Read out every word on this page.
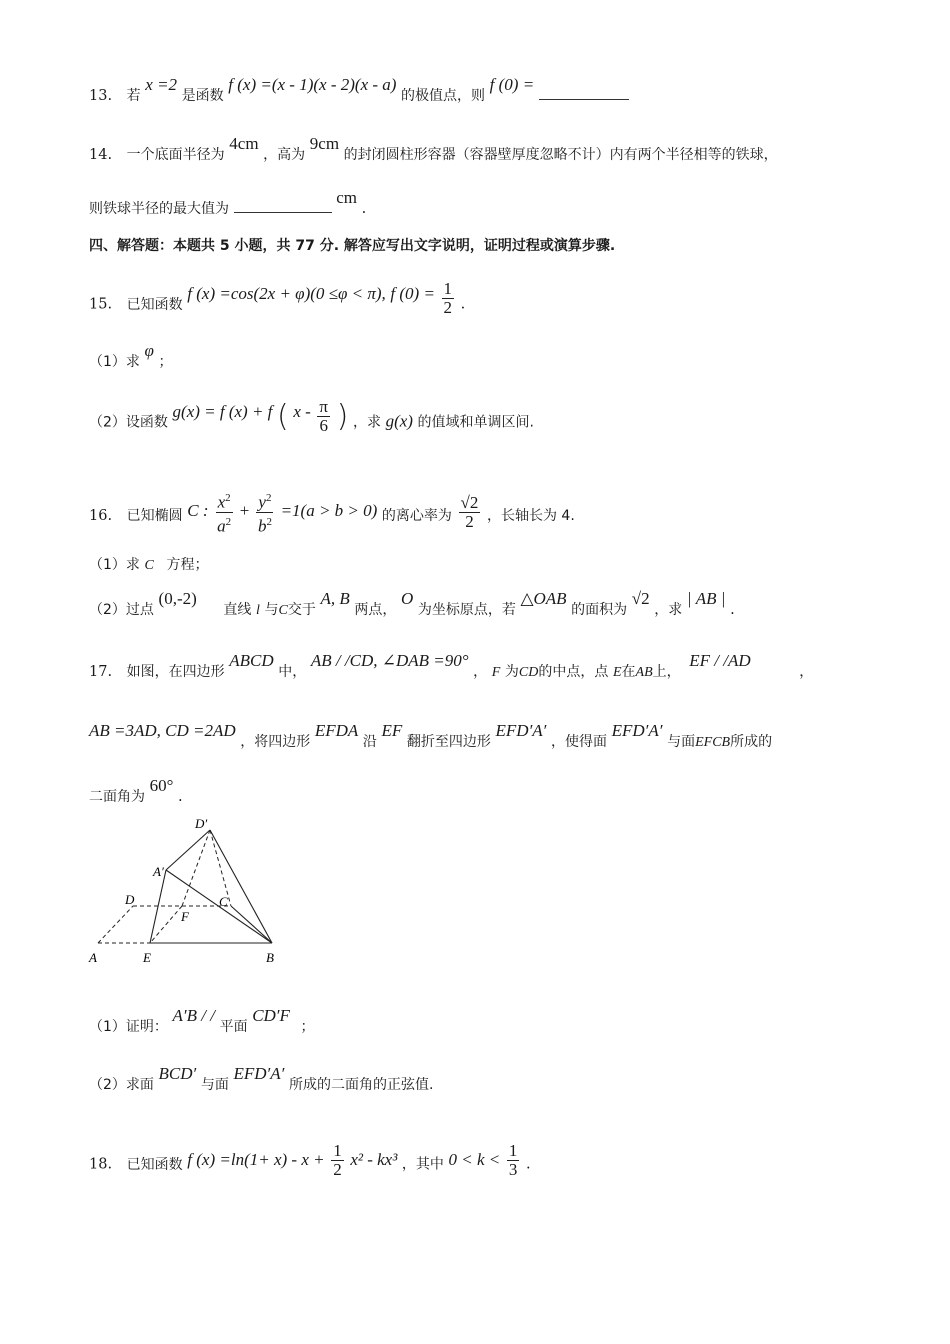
13. 若 x =2 是函数 f (x) =(x - 1)(x - 2)(x - a) 的极值点，则 f (0) =
14. 一个底面半径为 4cm ，高为 9cm 的封闭圆柱形容器（容器壁厚度忽略不计）内有两个半径相等的铁球，
则铁球半径的最大值为  cm .
四、解答题：本题共 5 小题，共 77 分. 解答应写出文字说明，证明过程或演算步骤.
15. 已知函数 f (x) =cos(2x + φ)(0 ≤φ < π), f $(0) = \frac{1}{2}$ .
（1）求 φ ；
（2）设函数 g(x) = f (x) + f ( x - $\frac{\pi}{6}$ ) ，求 g(x) 的值域和单调区间.
16. 已知椭圆 C : $\frac{x^2}{a^2} + \frac{y^2}{b^2} =1(a > b > 0)$ 的离心率为 $\frac{√2}{2}$ ，长轴长为 4.
（1）求 C 方程；
（2）过点 (0,-2) 直线 l 与C交于 A, B 两点， O 为坐标原点，若 △OAB 的面积为 √2 ，求 | AB | .
17. 如图，在四边形 ABCD 中， AB / /CD, ∠DAB =90° ， F 为CD的中点，点 E在AB上， EF / /AD ，
AB =3AD, CD =2AD ，将四边形 EFDA 沿 EF 翻折至四边形 EFD′A′ ，使得面 EFD′A′ 与面EFCB所成的
二面角为 60° .
D′
A′
D	C
F
A	E	B
（1）证明： A′B / / 平面 CD′F ；
（2）求面 BCD′ 与面 EFD′A′ 所成的二面角的正弦值.
18. 已知函数 f $(x) =\ln(1+ x) - x + \frac{1}{2} x^2 - kx^3$ ，其中 $0 < k < \frac{1}{3}$ .
